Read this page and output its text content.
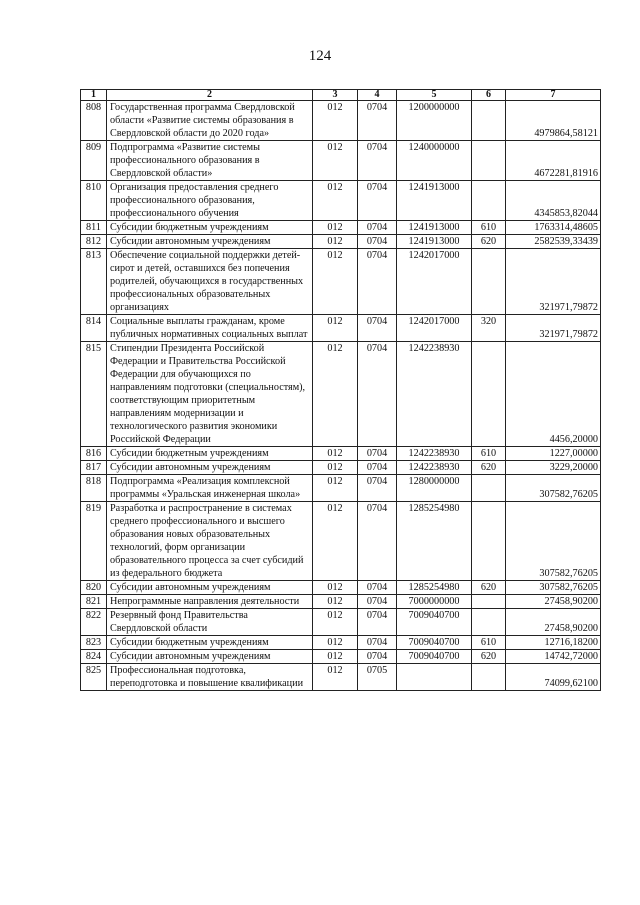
124
1	2	3	4	5	6	7
808	Государственная программа Свердловской области «Развитие системы образования в Свердловской области до 2020 года»	012	0704	1200000000		4979864,58121
809	Подпрограмма «Развитие системы профессионального образования в Свердловской области»	012	0704	1240000000		4672281,81916
810	Организация предоставления среднего профессионального образования, профессионального обучения	012	0704	1241913000		4345853,82044
811	Субсидии бюджетным учреждениям	012	0704	1241913000	610	1763314,48605
812	Субсидии автономным учреждениям	012	0704	1241913000	620	2582539,33439
813	Обеспечение социальной поддержки детей-сирот и детей, оставшихся без попечения родителей, обучающихся в государственных профессиональных образовательных организациях	012	0704	1242017000		321971,79872
814	Социальные выплаты гражданам, кроме публичных нормативных социальных выплат	012	0704	1242017000	320	321971,79872
815	Стипендии Президента Российской Федерации и Правительства Российской Федерации для обучающихся по направлениям подготовки (специальностям), соответствующим приоритетным направлениям модернизации и технологического развития экономики Российской Федерации	012	0704	1242238930		4456,20000
816	Субсидии бюджетным учреждениям	012	0704	1242238930	610	1227,00000
817	Субсидии автономным учреждениям	012	0704	1242238930	620	3229,20000
818	Подпрограмма «Реализация комплексной программы «Уральская инженерная школа»	012	0704	1280000000		307582,76205
819	Разработка и распространение в системах среднего профессионального и высшего образования новых образовательных технологий, форм организации образовательного процесса за счет субсидий из федерального бюджета	012	0704	1285254980		307582,76205
820	Субсидии автономным учреждениям	012	0704	1285254980	620	307582,76205
821	Непрограммные направления деятельности	012	0704	7000000000		27458,90200
822	Резервный фонд Правительства Свердловской области	012	0704	7009040700		27458,90200
823	Субсидии бюджетным учреждениям	012	0704	7009040700	610	12716,18200
824	Субсидии автономным учреждениям	012	0704	7009040700	620	14742,72000
825	Профессиональная подготовка, переподготовка и повышение квалификации	012	0705			74099,62100
